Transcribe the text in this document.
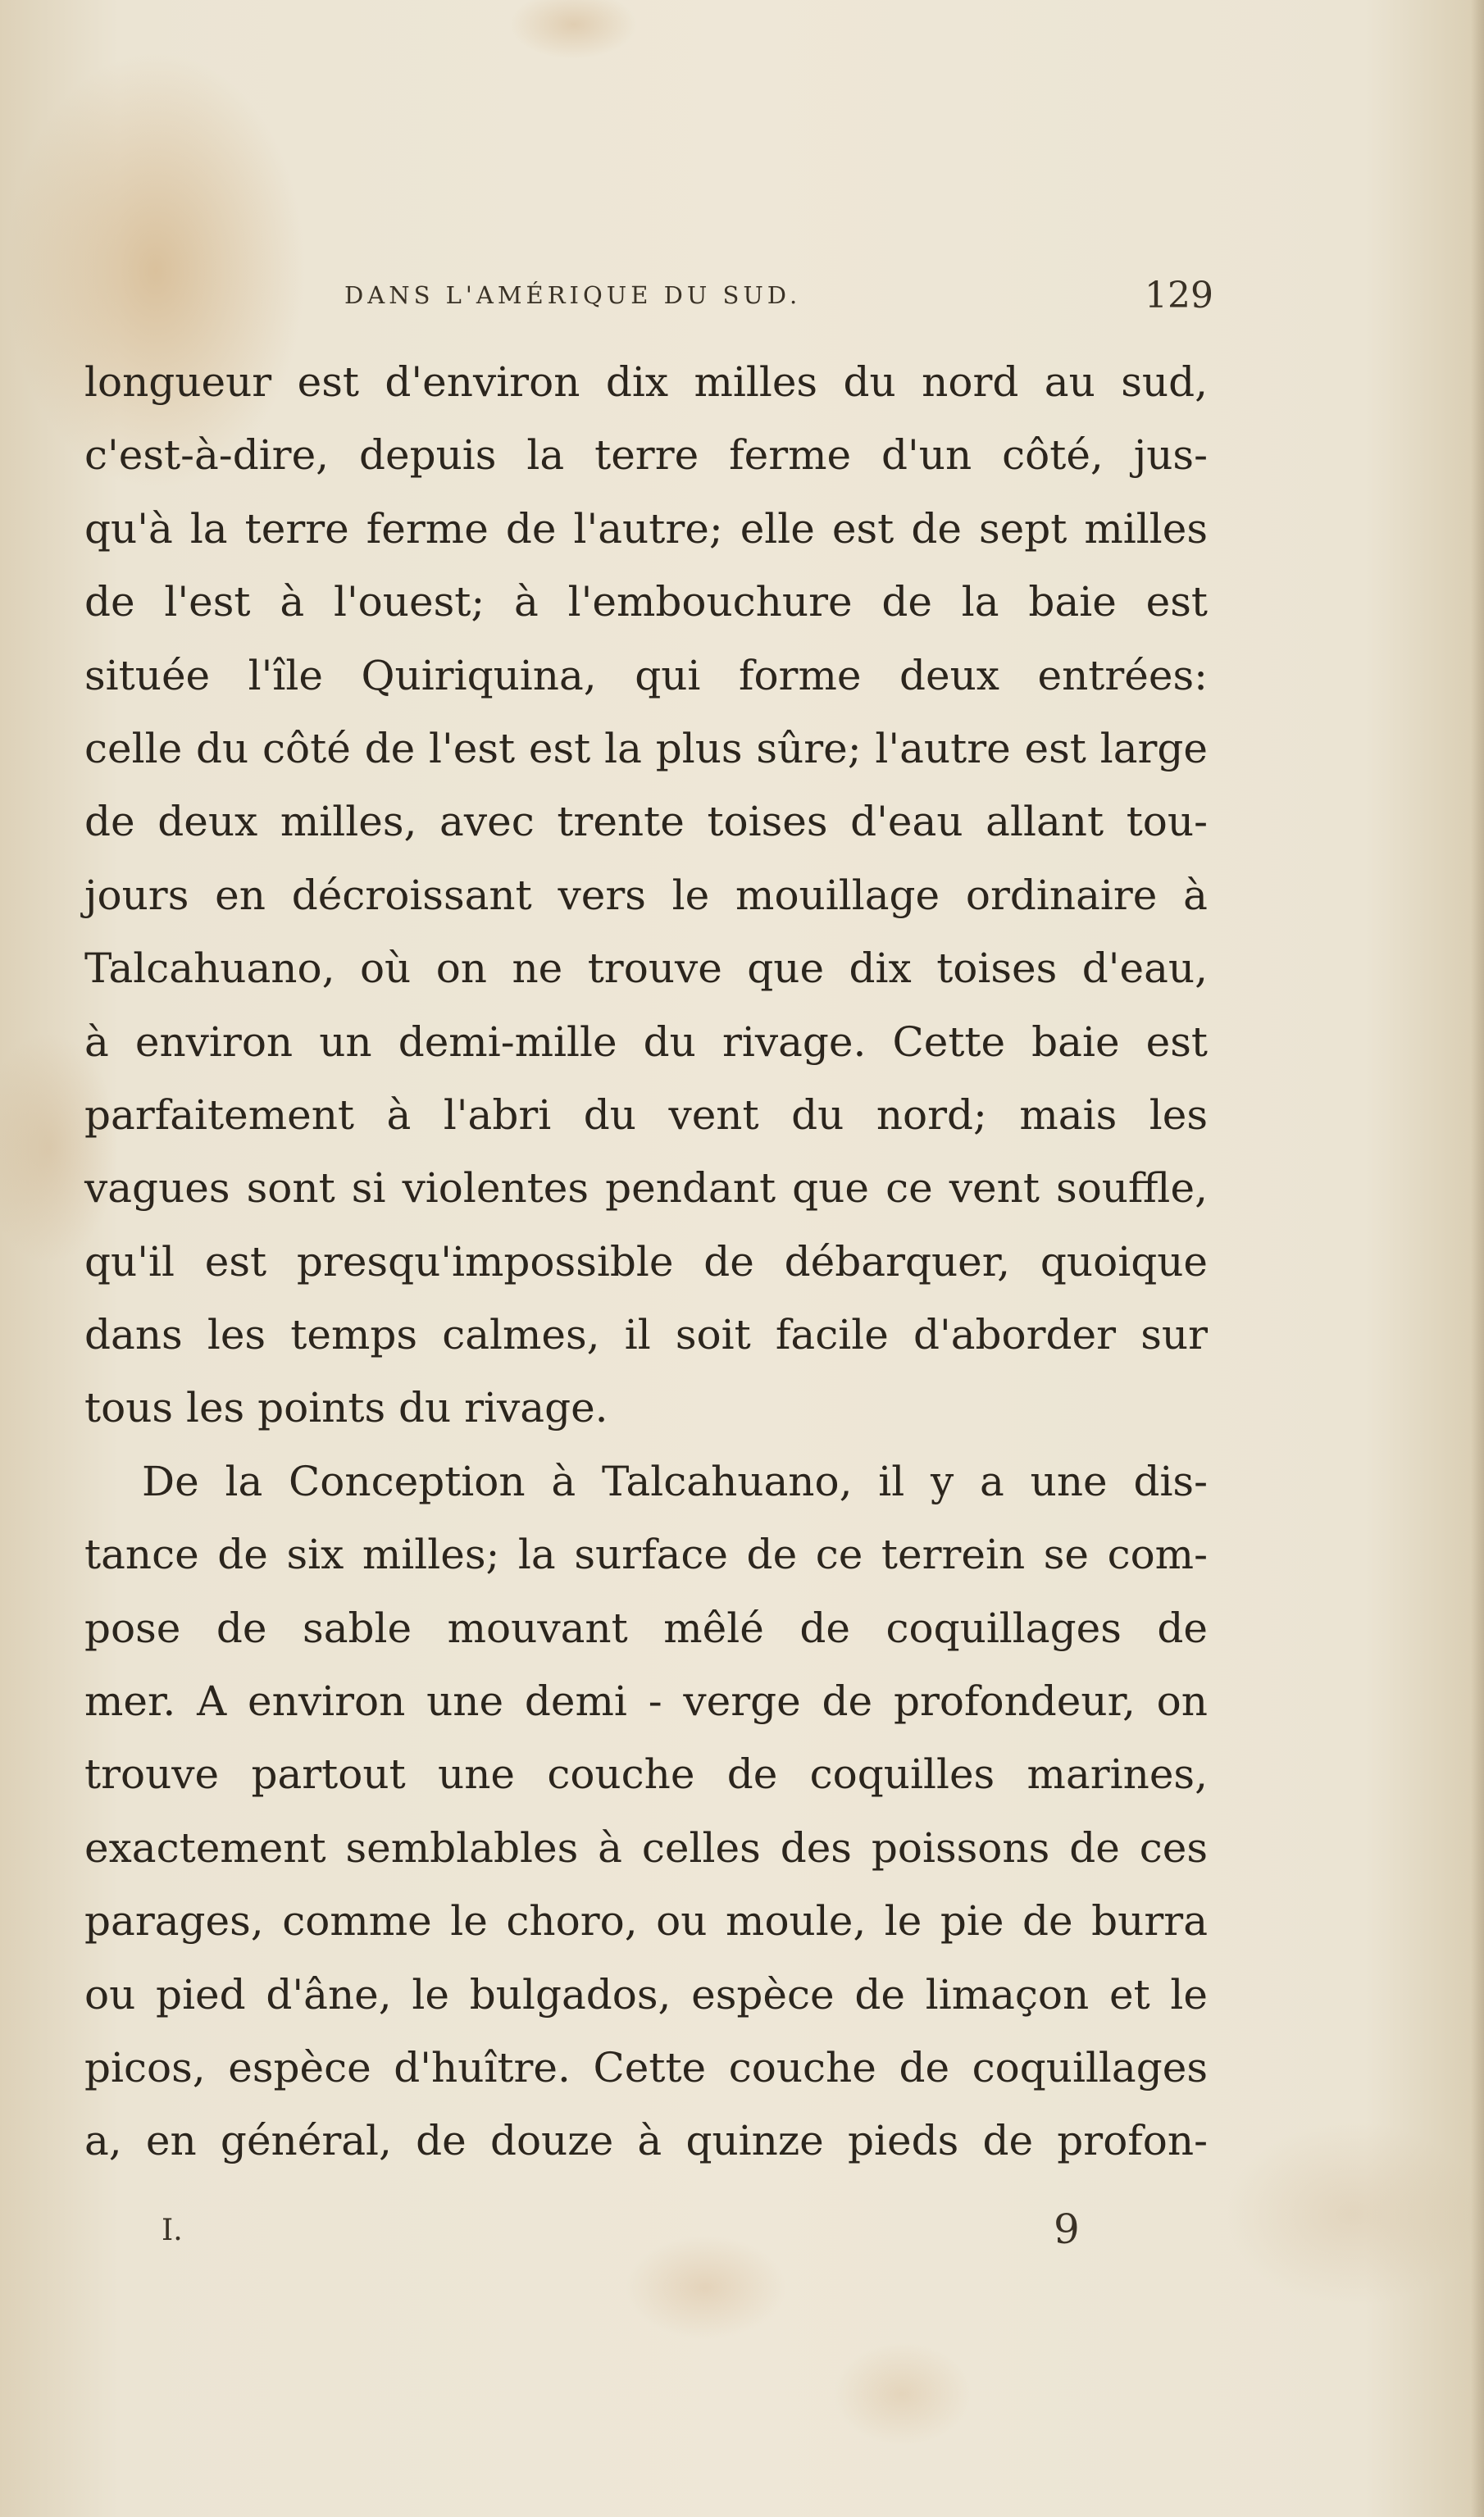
DANS L'AMÉRIQUE DU SUD.	129
longueur est d'environ dix milles du nord au sud,
c'est-à-dire, depuis la terre ferme d'un côté, jus-
qu'à la terre ferme de l'autre; elle est de sept milles
de l'est à l'ouest; à l'embouchure de la baie est
située l'île Quiriquina, qui forme deux entrées:
celle du côté de l'est est la plus sûre; l'autre est large
de deux milles, avec trente toises d'eau allant tou-
jours en décroissant vers le mouillage ordinaire à
Talcahuano, où on ne trouve que dix toises d'eau,
à environ un demi-mille du rivage. Cette baie est
parfaitement à l'abri du vent du nord; mais les
vagues sont si violentes pendant que ce vent souffle,
qu'il est presqu'impossible de débarquer, quoique
dans les temps calmes, il soit facile d'aborder sur
tous les points du rivage.
De la Conception à Talcahuano, il y a une dis-
tance de six milles; la surface de ce terrein se com-
pose de sable mouvant mêlé de coquillages de
mer. A environ une demi - verge de profondeur, on
trouve partout une couche de coquilles marines,
exactement semblables à celles des poissons de ces
parages, comme le choro, ou moule, le pie de burra
ou pied d'âne, le bulgados, espèce de limaçon et le
picos, espèce d'huître. Cette couche de coquillages
a, en général, de douze à quinze pieds de profon-
I.	9
